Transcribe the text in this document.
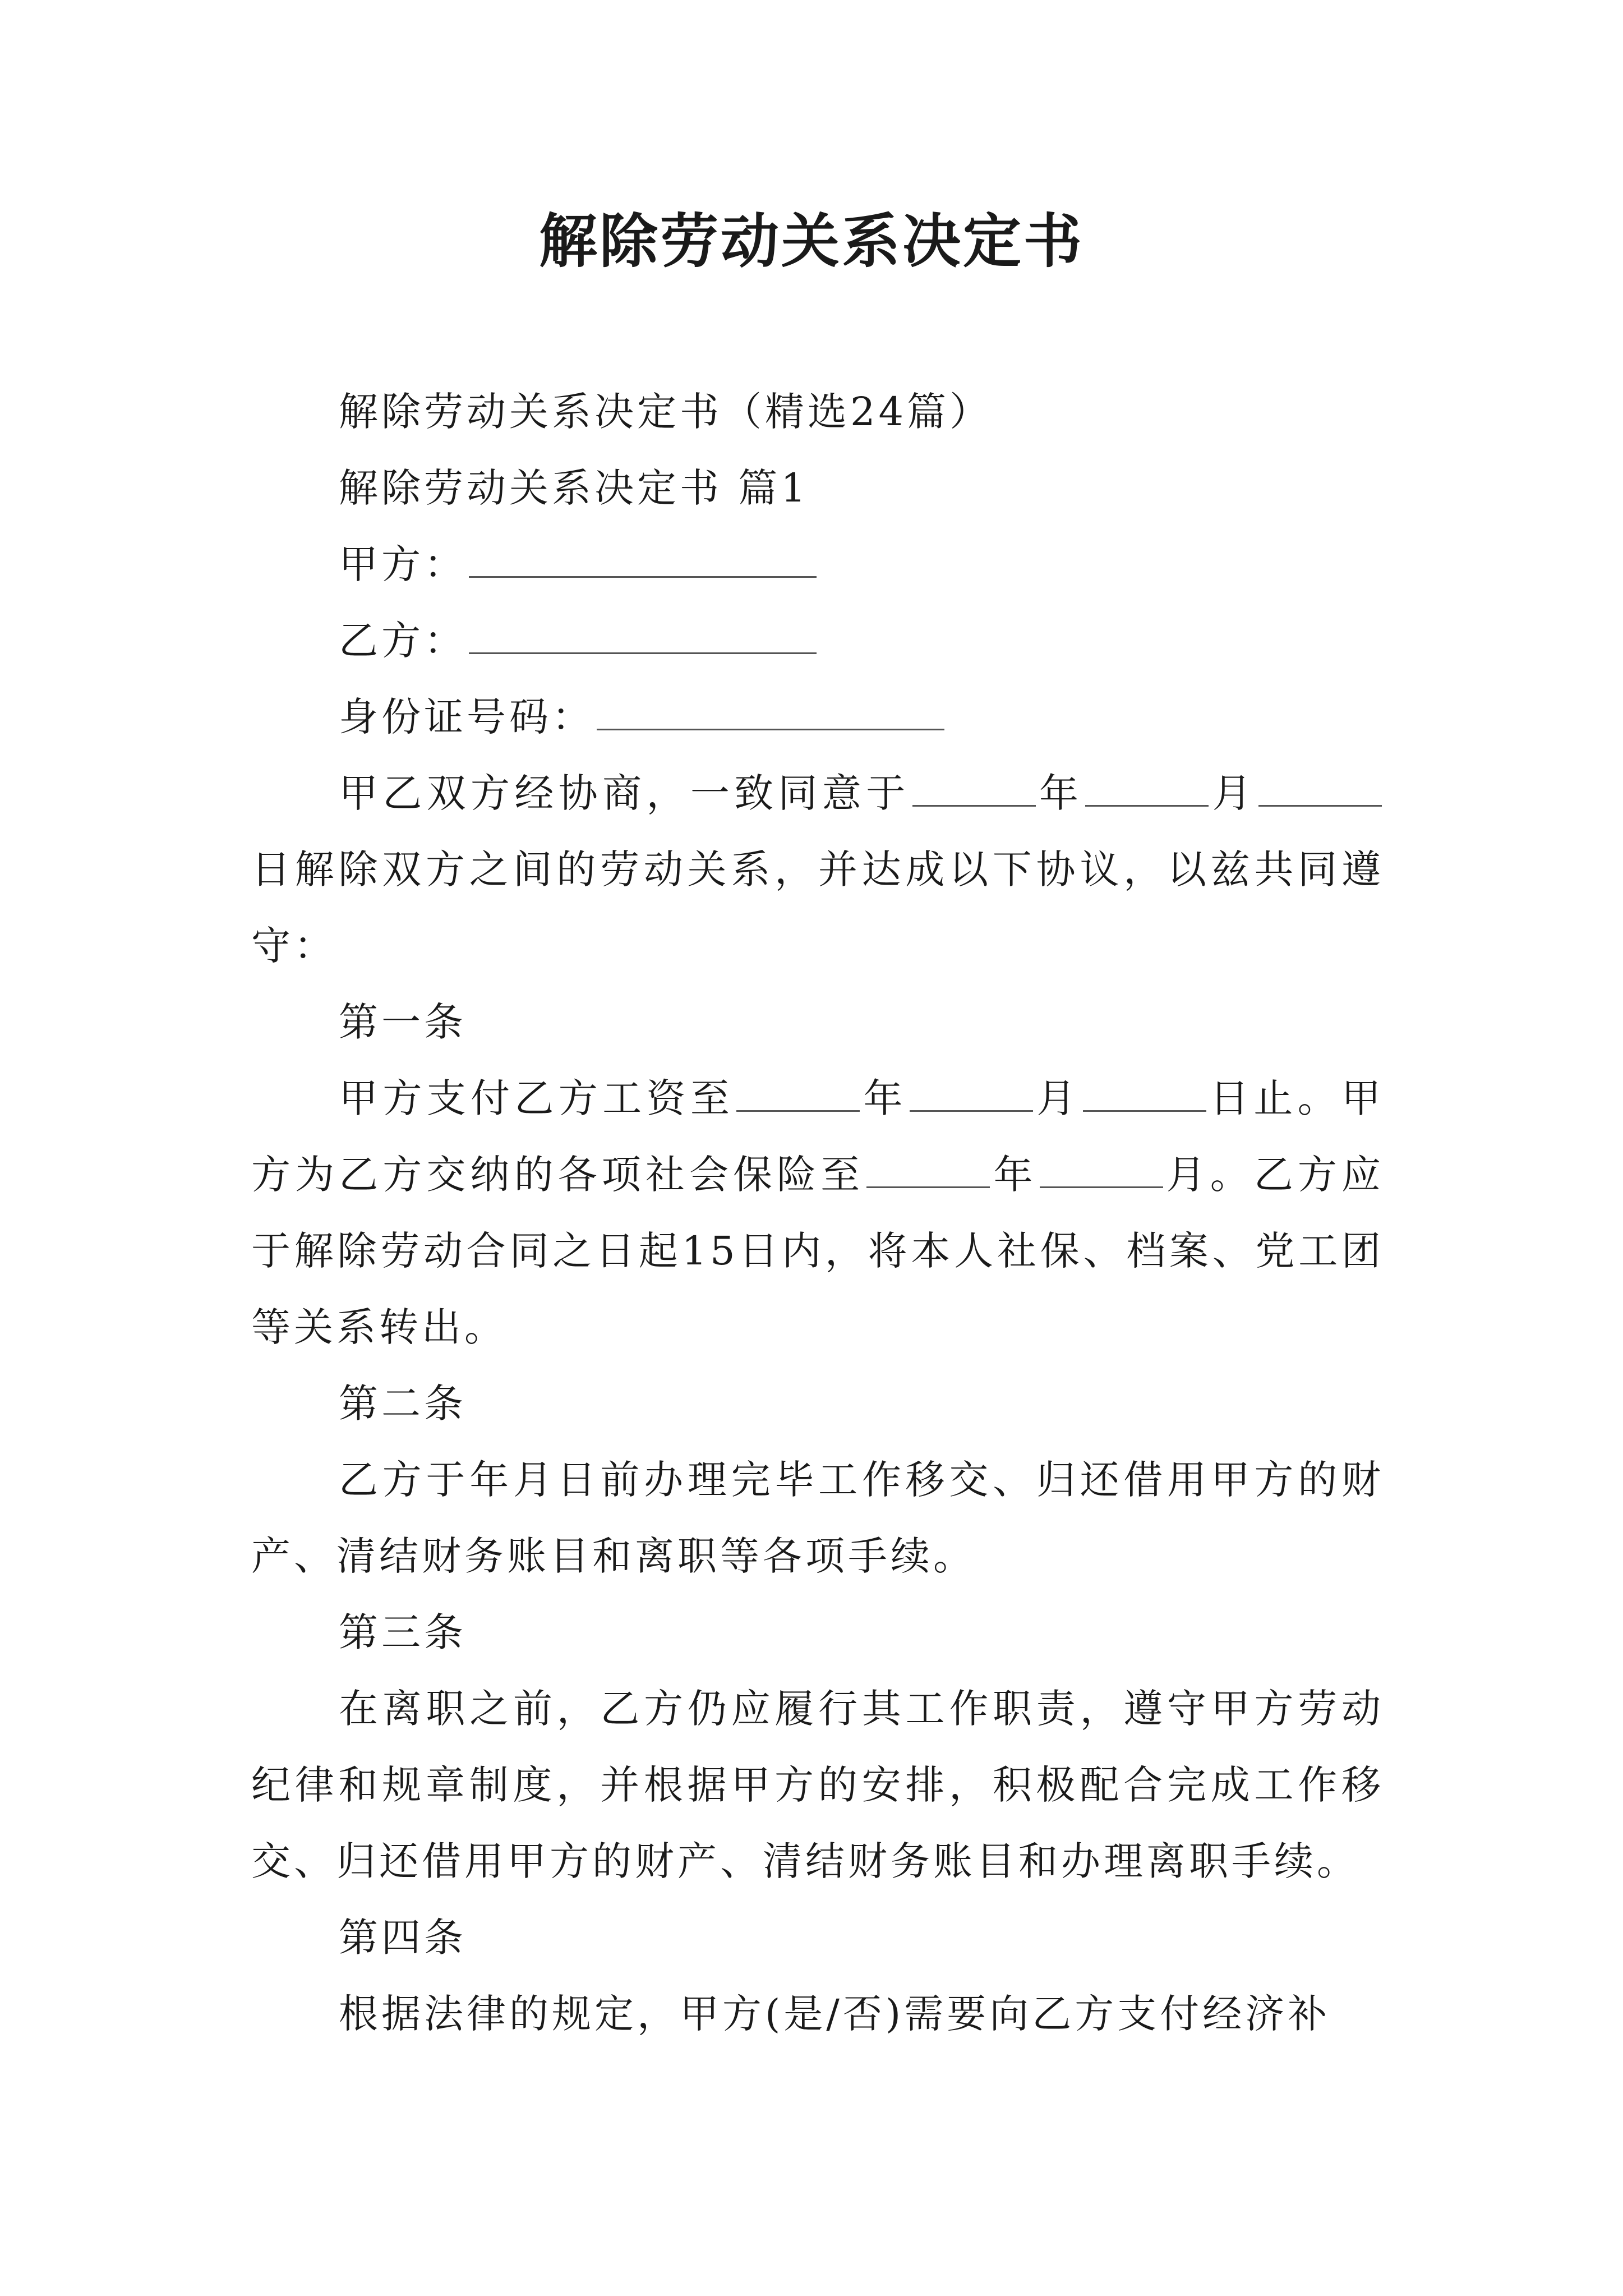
解除劳动关系决定书

解除劳动关系决定书（精选24篇）

解除劳动关系决定书 篇1

甲方：

乙方：

身份证号码：

甲乙双方经协商，一致同意于	年	月日解除双方之间的劳动关系，并达成以下协议，以兹共同遵守：

第一条

甲方支付乙方工资至	年	月	日止。甲方为乙方交纳的各项社会保险至	年	月。乙方应于解除劳动合同之日起15日内，将本人社保、档案、党工团等关系转出。

第二条

乙方于年月日前办理完毕工作移交、归还借用甲方的财产、清结财务账目和离职等各项手续。

第三条

在离职之前，乙方仍应履行其工作职责，遵守甲方劳动纪律和规章制度，并根据甲方的安排，积极配合完成工作移交、归还借用甲方的财产、清结财务账目和办理离职手续。

第四条

根据法律的规定，甲方(是/否)需要向乙方支付经济补
